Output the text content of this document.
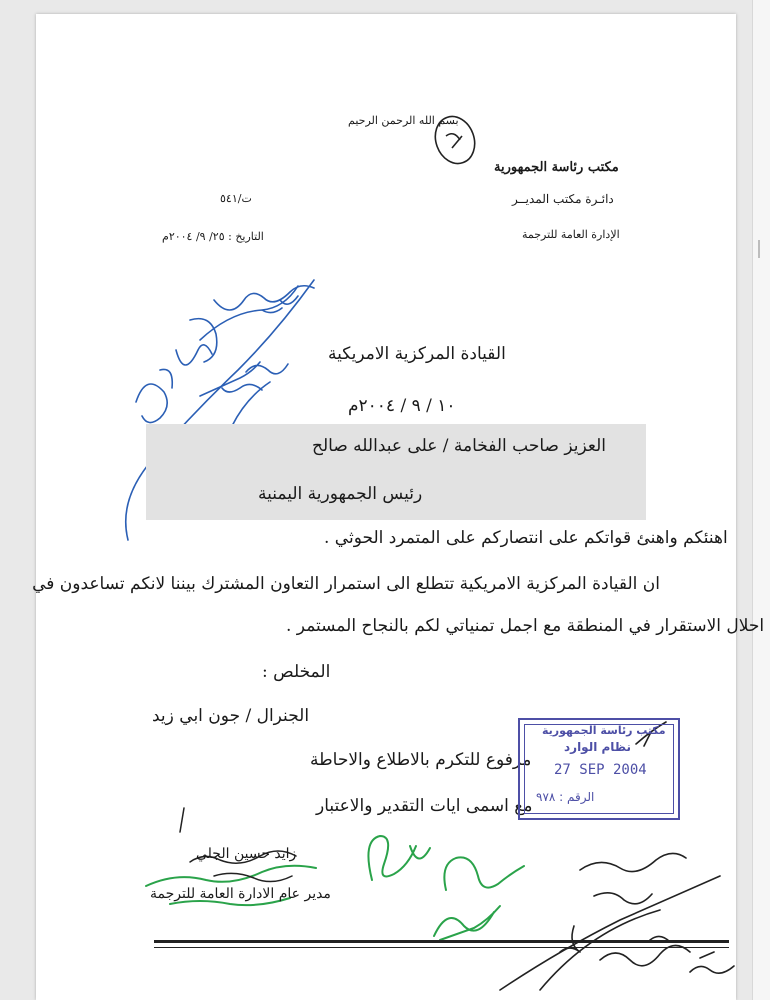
بسم الله الرحمن الرحيم
مكتب رئاسة الجمهورية
دائـرة مكتب المديــر
الإدارة العامة للترجمة
ت/٥٤١
التاريخ : ٢٥/ ٩/ ٢٠٠٤م
القيادة المركزية الامريكية
١٠ / ٩ / ٢٠٠٤م
العزيز صاحب الفخامة / على عبدالله صالح
رئيس الجمهورية اليمنية
اهنئكم واهنئ قواتكم على انتصاركم على المتمرد الحوثي .
ان القيادة المركزية الامريكية تتطلع الى استمرار التعاون المشترك بيننا لانكم تساعدون في
احلال الاستقرار في المنطقة مع اجمل تمنياتي لكم بالنجاح المستمر .
المخلص :
الجنرال / جون ابي زيد
مرفوع للتكرم بالاطلاع والاحاطة
مع اسمى ايات التقدير والاعتبار
زايد حسين الجلي
مدير عام الادارة العامة للترجمة
مكتب رئاسة الجمهورية
نظام الوارد
27 SEP 2004
الرقم : ٩٧٨
